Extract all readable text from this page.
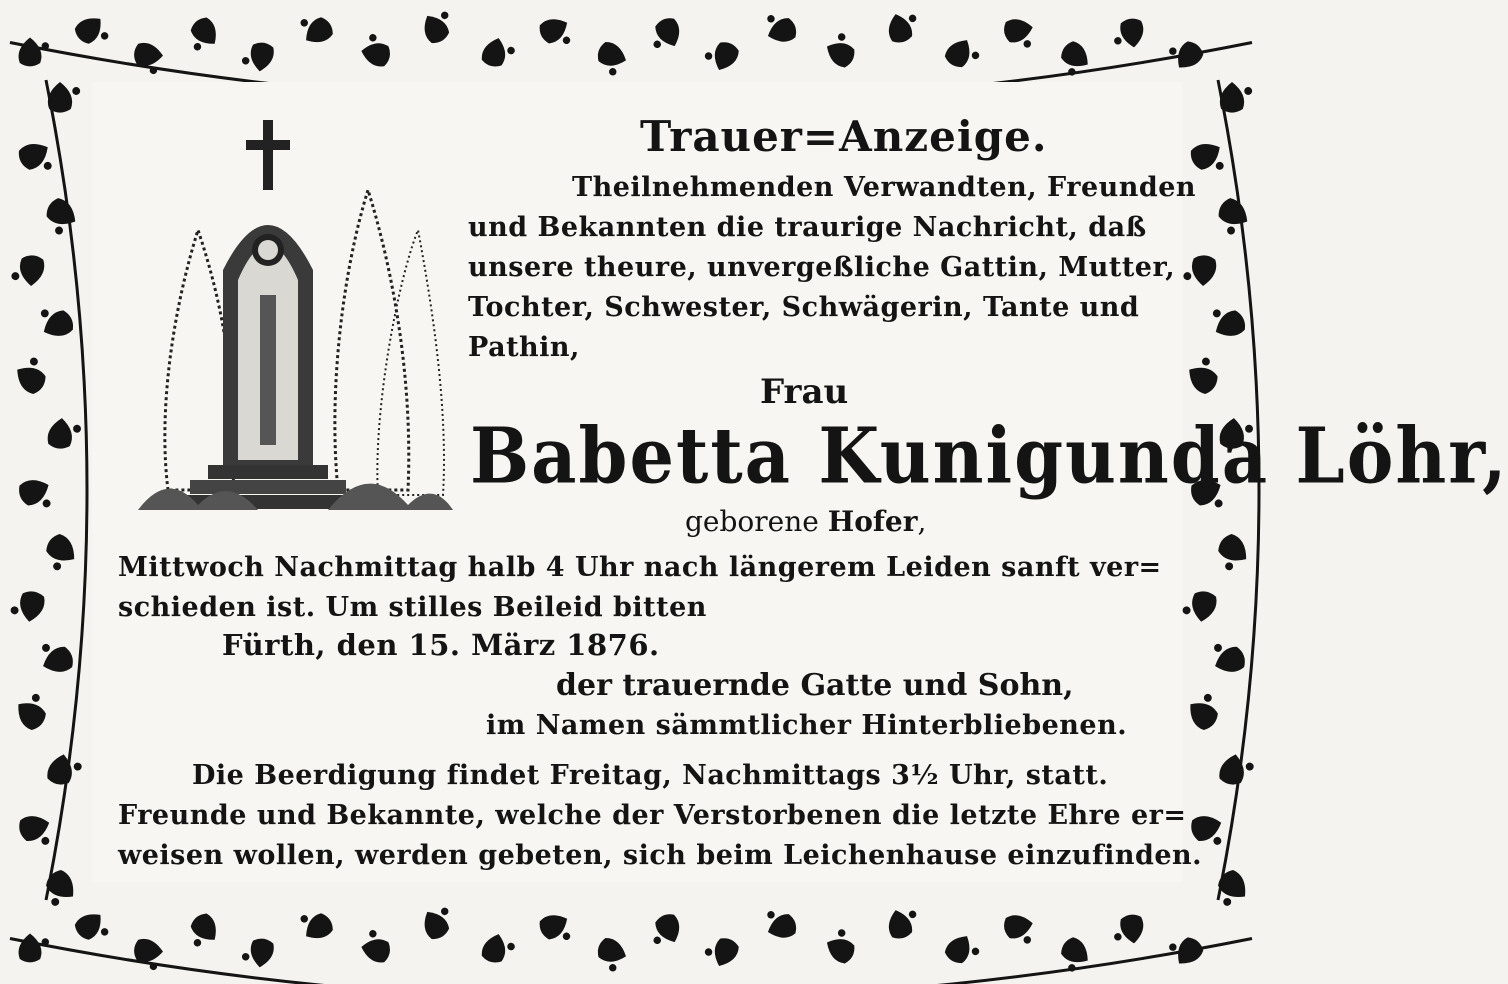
Trauer=Anzeige.
Theilnehmenden Verwandten, Freunden
und Bekannten die traurige Nachricht, daß
unsere theure, unvergeßliche Gattin, Mutter,
Tochter, Schwester, Schwägerin, Tante und
Pathin,
Frau
Babetta Kunigunda Löhr,
geborene Hofer,
Mittwoch Nachmittag halb 4 Uhr nach längerem Leiden sanft ver=
schieden ist. Um stilles Beileid bitten
Fürth, den 15. März 1876.
der trauernde Gatte und Sohn,
im Namen sämmtlicher Hinterbliebenen.
Die Beerdigung findet Freitag, Nachmittags 3½ Uhr, statt.
Freunde und Bekannte, welche der Verstorbenen die letzte Ehre er=
weisen wollen, werden gebeten, sich beim Leichenhause einzufinden.
